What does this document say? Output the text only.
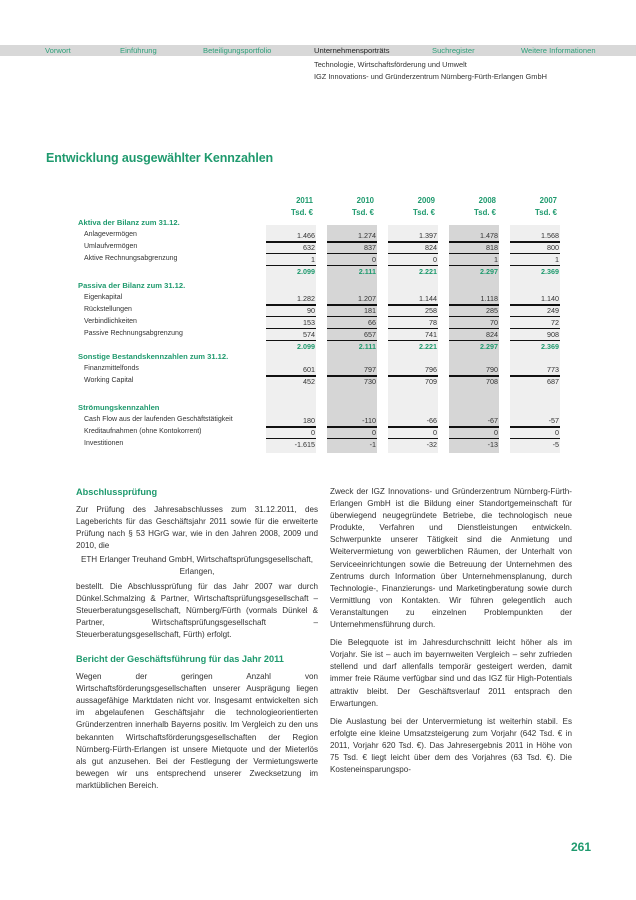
Vorwort	Einführung	Beteiligungsportfolio	Unternehmensporträts	Suchregister	Weitere Informationen
Technologie, Wirtschaftsförderung und Umwelt
IGZ Innovations- und Gründerzentrum Nürnberg-Fürth-Erlangen GmbH
Entwicklung ausgewählter Kennzahlen
2011	2010	2009	2008	2007
Tsd. €	Tsd. €	Tsd. €	Tsd. €	Tsd. €
Aktiva der Bilanz zum 31.12.
Anlagevermögen	1.466	1.274	1.397	1.478	1.568
Umlaufvermögen	632	837	824	818	800
Aktive Rechnungsabgrenzung	1	0	0	1	1
2.099	2.111	2.221	2.297	2.369
Passiva der Bilanz zum 31.12.
Eigenkapital	1.282	1.207	1.144	1.118	1.140
Rückstellungen	90	181	258	285	249
Verbindlichkeiten	153	66	78	70	72
Passive Rechnungsabgrenzung	574	657	741	824	908
2.099	2.111	2.221	2.297	2.369
Sonstige Bestandskennzahlen zum 31.12.
Finanzmittelfonds	601	797	796	790	773
Working Capital	452	730	709	708	687
Strömungskennzahlen
Cash Flow aus der laufenden Geschäftstätigkeit	180	-110	-66	-67	-57
Kreditaufnahmen (ohne Kontokorrent)	0	0	0	0	0
Investitionen	-1.615	-1	-32	-13	-5
Abschlussprüfung

Zur Prüfung des Jahresabschlusses zum 31.12.2011, des Lageberichts für das Geschäftsjahr 2011 sowie für die erweiterte Prüfung nach § 53 HGrG war, wie in den Jahren 2008, 2009 und 2010, die

ETH Erlanger Treuhand GmbH, Wirtschaftsprüfungsgesellschaft, Erlangen,

bestellt. Die Abschlussprüfung für das Jahr 2007 war durch Dünkel.Schmalzing & Partner, Wirtschaftsprüfungsgesellschaft – Steuerberatungsgesellschaft, Nürnberg/Fürth (vormals Dünkel & Partner, Wirtschaftsprüfungsgesellschaft – Steuerberatungsgesellschaft, Fürth) erfolgt.

Bericht der Geschäftsführung für das Jahr 2011

Wegen der geringen Anzahl von Wirtschaftsförderungsgesellschaften unserer Ausprägung liegen aussagefähige Marktdaten nicht vor. Insgesamt entwickelten sich im abgelaufenen Geschäftsjahr die technologieorientierten Gründerzentren innerhalb Bayerns positiv. Im Vergleich zu den uns bekannten Wirtschaftsförderungsgesellschaften der Region Nürnberg-Fürth-Erlangen ist unsere Mietquote und der Mieterlös als gut anzusehen. Bei der Festlegung der Vermietungswerte bewegen wir uns entsprechend unserer Zwecksetzung im marktüblichen Bereich.

Zweck der IGZ Innovations- und Gründerzentrum Nürnberg-Fürth-Erlangen GmbH ist die Bildung einer Standortgemeinschaft für überwiegend neugegründete Betriebe, die technologisch neue Produkte, Verfahren und Dienstleistungen entwickeln. Schwerpunkte unserer Tätigkeit sind die Anmietung und Weitervermietung von gewerblichen Räumen, der Unterhalt von Serviceeinrichtungen sowie die Betreuung der Unternehmen des Zentrums durch Information über Unternehmensplanung, durch Technologie-, Finanzierungs- und Marketingberatung sowie durch Vermittlung von Kontakten. Wir führen gelegentlich auch Veranstaltungen zu einzelnen Problempunkten der Unternehmensführung durch.

Die Belegquote ist im Jahresdurchschnitt leicht höher als im Vorjahr. Sie ist – auch im bayernweiten Vergleich – sehr zufrieden stellend und darf allenfalls temporär gesteigert werden, damit immer freie Räume verfügbar sind und das IGZ für High-Potentials attraktiv bleibt. Der Geschäftsverlauf 2011 entsprach den Erwartungen.

Die Auslastung bei der Untervermietung ist weiterhin stabil. Es erfolgte eine kleine Umsatzsteigerung zum Vorjahr (642 Tsd. € in 2011, Vorjahr 620 Tsd. €). Das Jahresergebnis 2011 in Höhe von 75 Tsd. € liegt leicht über dem des Vorjahres (63 Tsd. €). Die Kosteneinsparungspo-

261
